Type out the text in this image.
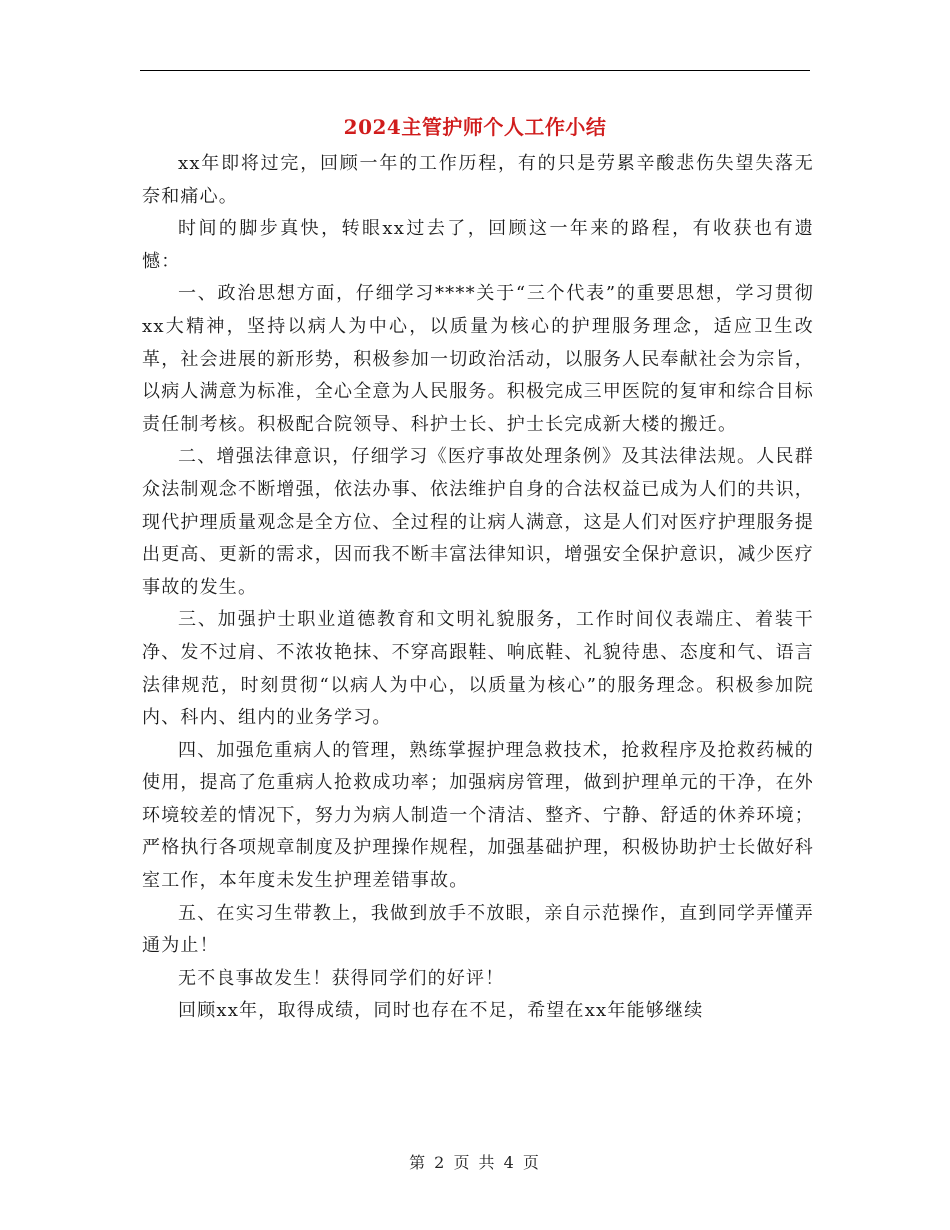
2024主管护师个人工作小结

xx年即将过完，回顾一年的工作历程，有的只是劳累辛酸悲伤失望失落无奈和痛心。

时间的脚步真快，转眼xx过去了，回顾这一年来的路程，有收获也有遗憾：

一、政治思想方面，仔细学习****关于“三个代表”的重要思想，学习贯彻xx大精神，坚持以病人为中心，以质量为核心的护理服务理念，适应卫生改革，社会进展的新形势，积极参加一切政治活动，以服务人民奉献社会为宗旨，以病人满意为标准，全心全意为人民服务。积极完成三甲医院的复审和综合目标责任制考核。积极配合院领导、科护士长、护士长完成新大楼的搬迁。

二、增强法律意识，仔细学习《医疗事故处理条例》及其法律法规。人民群众法制观念不断增强，依法办事、依法维护自身的合法权益已成为人们的共识，现代护理质量观念是全方位、全过程的让病人满意，这是人们对医疗护理服务提出更高、更新的需求，因而我不断丰富法律知识，增强安全保护意识，减少医疗事故的发生。

三、加强护士职业道德教育和文明礼貌服务，工作时间仪表端庄、着装干净、发不过肩、不浓妆艳抹、不穿高跟鞋、响底鞋、礼貌待患、态度和气、语言法律规范，时刻贯彻“以病人为中心，以质量为核心”的服务理念。积极参加院内、科内、组内的业务学习。

四、加强危重病人的管理，熟练掌握护理急救技术，抢救程序及抢救药械的使用，提高了危重病人抢救成功率；加强病房管理，做到护理单元的干净，在外环境较差的情况下，努力为病人制造一个清洁、整齐、宁静、舒适的休养环境；严格执行各项规章制度及护理操作规程，加强基础护理，积极协助护士长做好科室工作，本年度未发生护理差错事故。

五、在实习生带教上，我做到放手不放眼，亲自示范操作，直到同学弄懂弄通为止！

无不良事故发生！获得同学们的好评！

回顾xx年，取得成绩，同时也存在不足，希望在xx年能够继续

第 2 页 共 4 页
